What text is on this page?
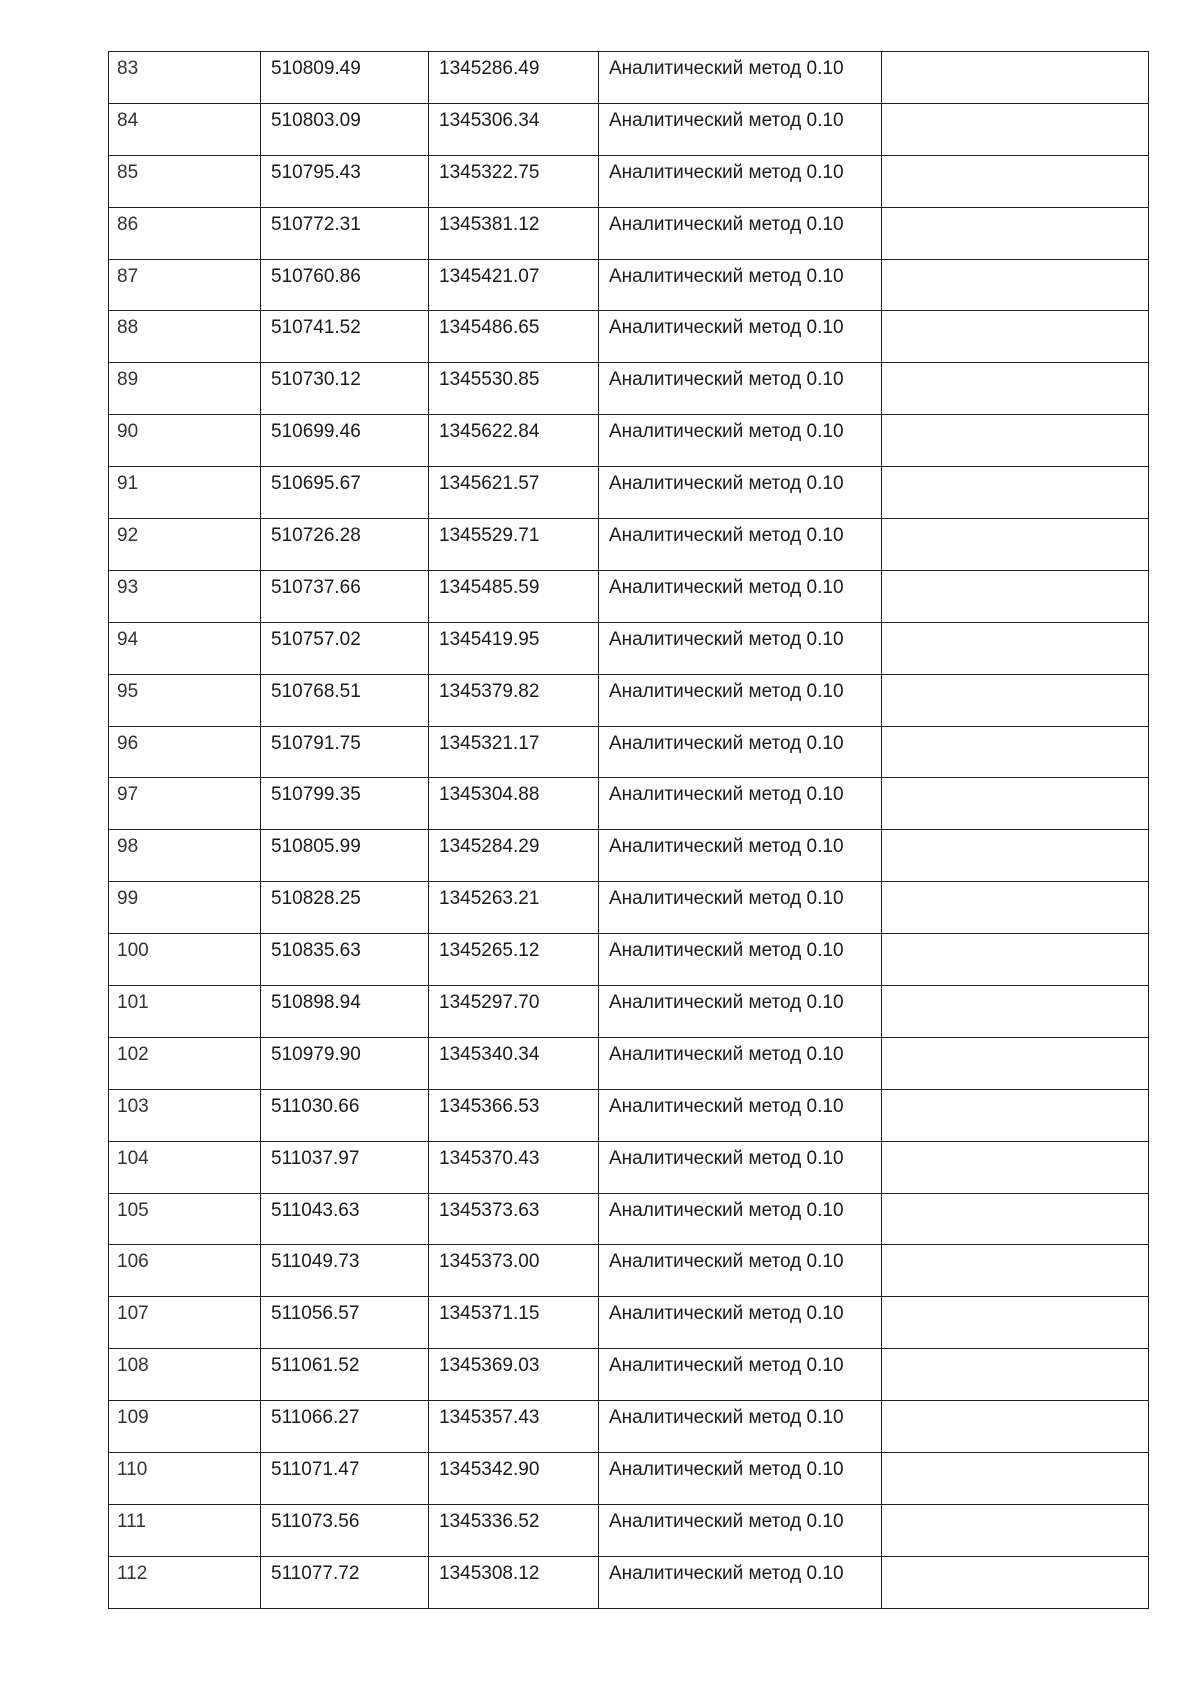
83	510809.49	1345286.49	Аналитический метод 0.10	

84	510803.09	1345306.34	Аналитический метод 0.10	

85	510795.43	1345322.75	Аналитический метод 0.10	

86	510772.31	1345381.12	Аналитический метод 0.10	

87	510760.86	1345421.07	Аналитический метод 0.10	

88	510741.52	1345486.65	Аналитический метод 0.10	

89	510730.12	1345530.85	Аналитический метод 0.10	

90	510699.46	1345622.84	Аналитический метод 0.10	

91	510695.67	1345621.57	Аналитический метод 0.10	

92	510726.28	1345529.71	Аналитический метод 0.10	

93	510737.66	1345485.59	Аналитический метод 0.10	

94	510757.02	1345419.95	Аналитический метод 0.10	

95	510768.51	1345379.82	Аналитический метод 0.10	

96	510791.75	1345321.17	Аналитический метод 0.10	

97	510799.35	1345304.88	Аналитический метод 0.10	

98	510805.99	1345284.29	Аналитический метод 0.10	

99	510828.25	1345263.21	Аналитический метод 0.10	

100	510835.63	1345265.12	Аналитический метод 0.10	

101	510898.94	1345297.70	Аналитический метод 0.10	

102	510979.90	1345340.34	Аналитический метод 0.10	

103	511030.66	1345366.53	Аналитический метод 0.10	

104	511037.97	1345370.43	Аналитический метод 0.10	

105	511043.63	1345373.63	Аналитический метод 0.10	

106	511049.73	1345373.00	Аналитический метод 0.10	

107	511056.57	1345371.15	Аналитический метод 0.10	

108	511061.52	1345369.03	Аналитический метод 0.10	

109	511066.27	1345357.43	Аналитический метод 0.10	

110	511071.47	1345342.90	Аналитический метод 0.10	

111	511073.56	1345336.52	Аналитический метод 0.10	

112	511077.72	1345308.12	Аналитический метод 0.10	
